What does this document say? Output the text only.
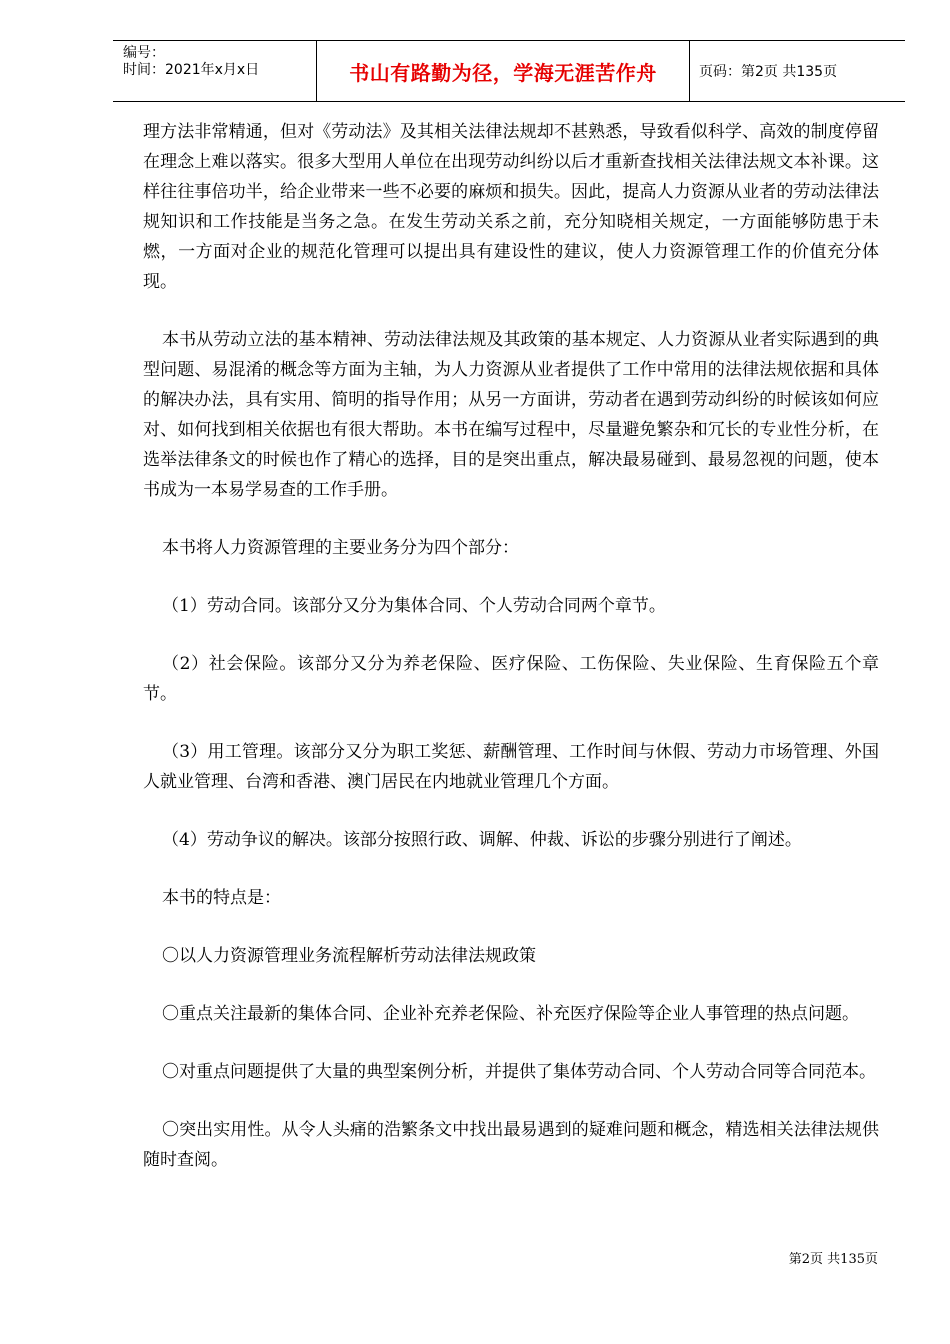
编号：
时间：2021年x月x日	书山有路勤为径，学海无涯苦作舟	页码：第2页 共135页

理方法非常精通，但对《劳动法》及其相关法律法规却不甚熟悉，导致看似科学、高效的制度停留在理念上难以落实。很多大型用人单位在出现劳动纠纷以后才重新查找相关法律法规文本补课。这样往往事倍功半，给企业带来一些不必要的麻烦和损失。因此，提高人力资源从业者的劳动法律法规知识和工作技能是当务之急。在发生劳动关系之前，充分知晓相关规定，一方面能够防患于未燃，一方面对企业的规范化管理可以提出具有建设性的建议，使人力资源管理工作的价值充分体现。

本书从劳动立法的基本精神、劳动法律法规及其政策的基本规定、人力资源从业者实际遇到的典型问题、易混淆的概念等方面为主轴，为人力资源从业者提供了工作中常用的法律法规依据和具体的解决办法，具有实用、简明的指导作用；从另一方面讲，劳动者在遇到劳动纠纷的时候该如何应对、如何找到相关依据也有很大帮助。本书在编写过程中，尽量避免繁杂和冗长的专业性分析，在选举法律条文的时候也作了精心的选择，目的是突出重点，解决最易碰到、最易忽视的问题，使本书成为一本易学易查的工作手册。

本书将人力资源管理的主要业务分为四个部分：

（1）劳动合同。该部分又分为集体合同、个人劳动合同两个章节。

（2）社会保险。该部分又分为养老保险、医疗保险、工伤保险、失业保险、生育保险五个章节。

（3）用工管理。该部分又分为职工奖惩、薪酬管理、工作时间与休假、劳动力市场管理、外国人就业管理、台湾和香港、澳门居民在内地就业管理几个方面。

（4）劳动争议的解决。该部分按照行政、调解、仲裁、诉讼的步骤分别进行了阐述。

本书的特点是：

〇以人力资源管理业务流程解析劳动法律法规政策

〇重点关注最新的集体合同、企业补充养老保险、补充医疗保险等企业人事管理的热点问题。

〇对重点问题提供了大量的典型案例分析，并提供了集体劳动合同、个人劳动合同等合同范本。

〇突出实用性。从令人头痛的浩繁条文中找出最易遇到的疑难问题和概念，精选相关法律法规供随时查阅。

第2页 共135页
